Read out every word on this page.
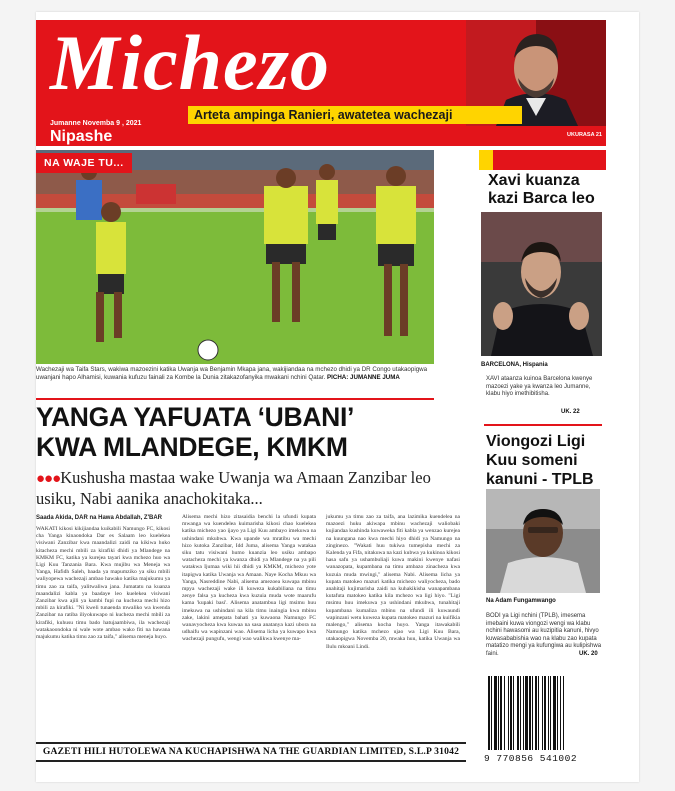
Michezo
Jumanne Novemba 9 , 2021
Nipashe	UKURASA 21
Arteta ampinga Ranieri, awatetea wachezaji
NA WAJE TU...
Wachezaji wa Taifa Stars, wakiwa mazoezini katika Uwanja wa Benjamin Mkapa jana, wakijiandaa na mchezo dhidi ya DR Congo utakaopigwa uwanjani hapo Alhamisi, kuwania kufuzu fainali za Kombe la Dunia zitakazofanyika mwakani nchini Qatar. PICHA: JUMANNE JUMA
YANGA YAFUATA ‘UBANI’
KWA MLANDEGE, KMKM
●●●Kushusha mastaa wake Uwanja wa Amaan Zanzibar leo usiku, Nabi aanika anachokitaka...
Saada Akida, DAR na Hawa Abdallah, Z'BAR
WAKATI kikosi kikijiandaa kuikabili Namungo FC, kikosi cha Yanga kinaondoka Dar es Salaam leo kuelekea visiwani Zanzibar kwa maandalizi zaidi na kikiwa huko kitacheza mechi mbili za kirafiki dhidi ya Mlandege na KMKM FC, katika ya kurejea tayari kwa mchezo huo wa Ligi Kuu Tanzania Bara. Kwa mujibu wa Meneja wa Yanga, Hafidh Saleh, baada ya mapumziko ya siku mbili waliyopewa wachezaji ambao hawako katika majukumu ya timu zao za taifa, yalitwaliwa jana. Jumatatu na kuanza maandalizi kabla ya baadaye leo kuelekea visiwani Zanzibar kwa ajili ya kambi fupi na kucheza mechi hizo mbili za kirafiki. "Ni kweli tunaenda mwaliko wa kwenda Zanzibar na ratiba iliyokuwapo ni kucheza mechi mbili za kirafiki, kuhusu timu bado hatujaambiwa, ila wachezaji watakaoondoka ni wale wote ambao wako fiti na hawana majukumu katika timu zao za taifa," alisema meneja huyo.
Alisema mechi hizo zitasaidia benchi la ufundi kupata mwanga wa kuendelea kuimarisha kikosi chao kuelekea katika michezo yao ijayo ya Ligi Kuu ambayo imekuwa na ushindani mkubwa. Kwa upande wa mratibu wa mechi hizo kutoka Zanzibar, Idd Juma, alisema Yanga watakaa siku tatu visiwani humo kuanzia leo usiku ambapo watacheza mechi ya kwanza dhidi ya Mlandege na ya pili watakwa Ijumaa wiki hii dhidi ya KMKM, michezo yote itapigwa katika Uwanja wa Amaan. Naye Kocha Mkuu wa Yanga, Nasreddine Nabi, alisema amezoea kuwapa mbinu mpya wachezaji wake ili kuweza kukabiliana na timu zenye falsa ya kucheza kwa kuzuia muda wote maarufu kama 'kupaki basi'. Alisema anatambua ligi msimu huu imekuwa na ushindani na kila timu inaingia kwa mbinu zake, lakini amepata bahati ya kuwaona Namungo FC wanavyocheza kwa kuwaa na sasa anatanya kazi ubora na udhaifu wa wapinzani wao. Alisema licha ya kuwapo kwa wachezaji pungufu, wengi wao walikwa kwenye ma-
jukumu ya timu zao za taifa, ana lazimika kuendelea na mazoezi huku akiwapa mbinu wachezaji waliobaki kujiandaa kushinda kuwaweka fiti kabla ya wenzao kurejea na kuungana nao kwa mechi hiyo dhidi ya Namungo na zinginezo. "Wakati huu tukiwa tumepisha mechi za Kalenda ya Fifa, nitakuwa na kazi kubwa ya kukinoa kikosi hasa safu ya ushambuliaji kuwa makini kwenye nafasi wanazopata, kupambana na timu ambazo zinacheza kwa kuzuia muda mwingi," alisema Nabi. Alisema licha ya kupata matokeo mazuri katika michezo waliyocheza, bado anahitaji kujimarisha zaidi na kuhakikisha wanapambana kutafuta matokeo katika kila mchezo wa ligi hiyo. "Ligi msimu huu imekuwa ya ushindani mkubwa, tunahitaji kupambana kumaliza mbinu na ufundi ili kuwaundi wapinzani wetu kuweza kupata matokeo mazuri na kuifikia malengo," alisema kocha huyo. Yanga itawakabili Namungo katika mchezo ujao wa Ligi Kuu Bara, utakaopigwa Novemba 20, mwaka huu, katika Uwanja wa Ilulu mkoani Lindi.
GAZETI HILI HUTOLEWA NA KUCHAPISHWA NA THE GUARDIAN LIMITED, S.L.P 31042
Xavi kuanza kazi Barca leo
BARCELONA, Hispania
XAVI ataanza kuinoa Barcelona kwenye mazoezi yake ya kwanza leo Jumanne, klabu hiyo imethibitisha.
UK. 22
Viongozi Ligi Kuu someni kanuni - TPLB
Na Adam Fungamwango
BODI ya Ligi nchini (TPLB), imesema imebaini kuwa viongozi wengi wa klabu nchini hawasomi au kuzipitia kanuni, hivyo kuwasababishia wao na klabu zao kupata matatizo mengi ya kufungiwa au kulipishwa faini.	UK. 20
9 770856 541002
